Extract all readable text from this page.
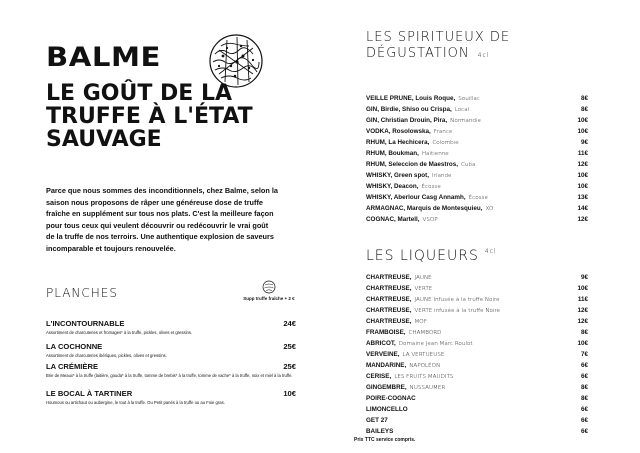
BALME
LE GOÛT DE LA
TRUFFE À L'ÉTAT
SAUVAGE

Parce que nous sommes des inconditionnels, chez Balme, selon la saison nous proposons de râper une généreuse dose de truffe fraîche en supplément sur tous nos plats. C'est la meilleure façon pour tous ceux qui veulent découvrir ou redécouvrir le vrai goût de la truffe de nos terroirs. Une authentique explosion de saveurs incomparable et toujours renouvelée.

PLANCHES	Supp truffe fraîche + 2 €
L'INCONTOURNABLE	24€
Assortiment de charcuteries et fromages* à la truffe, pickles, olives et gressins.
LA COCHONNE	25€
Assortiment de charcuteries ibériques, pickles, olives et gressins.
LA CRÉMIÈRE	25€
Brie de Meaux* à la truffe (laitière, gouda* à la truffe, tomme de brebis* à la truffe, tomme de vache* à la truffe, noix et miel à la truffe.
LE BOCAL À TARTINER	10€
Houmous ou artichaut ou aubergine, le tout à la truffe. Ou Petit panés à la truffe ou au Foie gras.
LES SPIRITUEUX DE
DÉGUSTATION 4cl
VEILLE PRUNE, Louis Roque, Souillac	8€
GIN, Birdie, Shiso ou Crispa, Local	8€
GIN, Christian Drouin, Pira, Normandie	10€
VODKA, Rosolowska, France	10€
RHUM, La Hechicera, Colombie	9€
RHUM, Boukman, Haïtienne	11€
RHUM, Seleccion de Maestros, Cuba	12€
WHISKY, Green spot, Irlande	10€
WHISKY, Deacon, Écosse	10€
WHISKY, Aberlour Casg Annamh, Écosse	13€
ARMAGNAC, Marquis de Montesquieu, XO	14€
COGNAC, Martell, VSOP	12€
LES LIQUEURS $^{4cl}$
CHARTREUSE, JAUNE	9€
CHARTREUSE, VERTE	10€
CHARTREUSE, JAUNE Infusée à la truffe Noire	11€
CHARTREUSE, VERTE infusée à la truffe Noire	12€
CHARTREUSE, MOF	12€
FRAMBOISE, CHAMBORD	8€
ABRICOT, Domaine Jean Marc Roulot	10€
VERVEINE, LA VERTUEUSE	7€
MANDARINE, NAPOLÉON	6€
CERISE, LES FRUITS MAUDITS	6€
GINGEMBRE, NUSSAUMER	8€
POIRE-COGNAC	8€
LIMONCELLO	6€
GET 27	6€
BAILEYS	6€
Prix TTC service compris.
